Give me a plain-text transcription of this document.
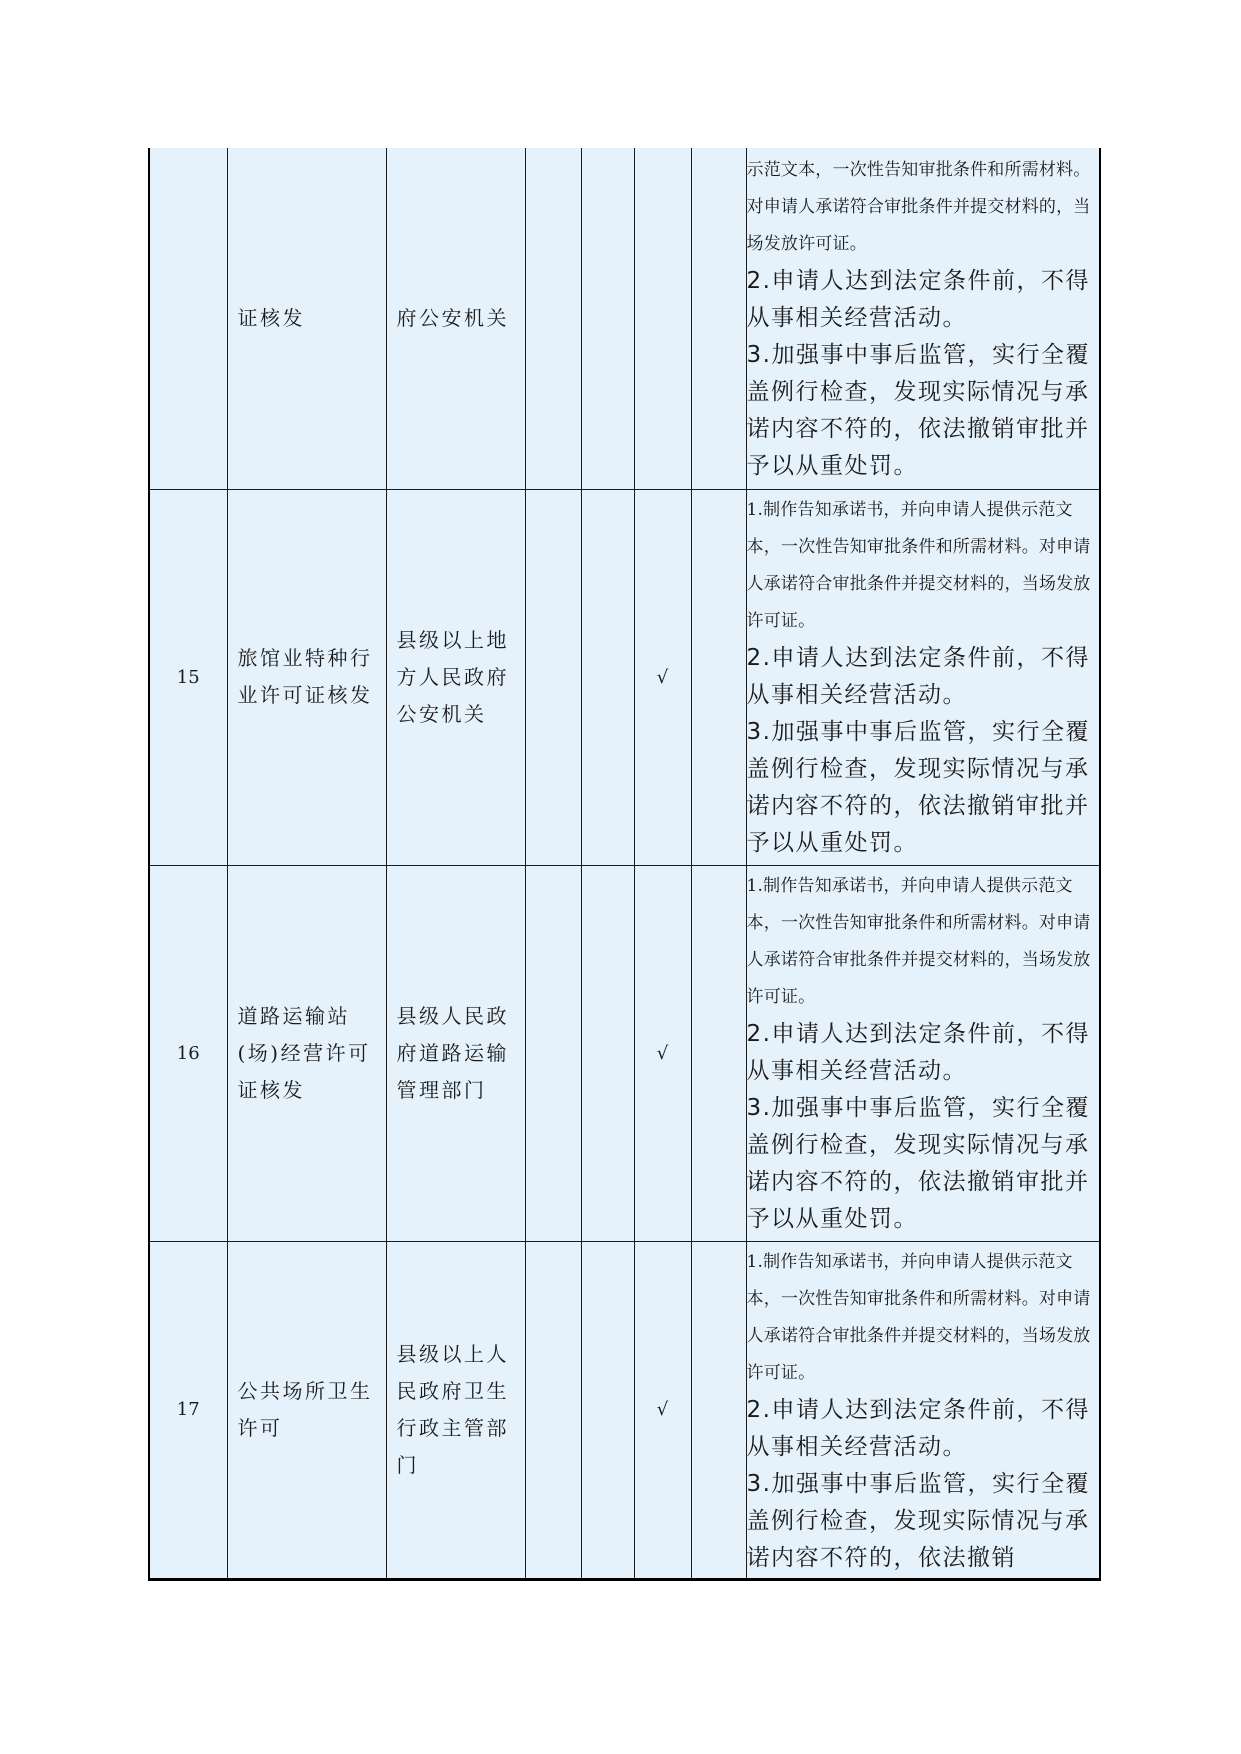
	证核发	府公安机关					示范文本，一次性告知审批条件和所需材料。对申请人承诺符合审批条件并提交材料的，当场发放许可证。
2.申请人达到法定条件前，不得从事相关经营活动。
3.加强事中事后监管，实行全覆盖例行检查，发现实际情况与承诺内容不符的，依法撤销审批并予以从重处罚。

15	旅馆业特种行业许可证核发	县级以上地方人民政府公安机关			√		1.制作告知承诺书，并向申请人提供示范文本，一次性告知审批条件和所需材料。对申请人承诺符合审批条件并提交材料的，当场发放许可证。
2.申请人达到法定条件前，不得从事相关经营活动。
3.加强事中事后监管，实行全覆盖例行检查，发现实际情况与承诺内容不符的，依法撤销审批并予以从重处罚。

16	道路运输站(场)经营许可证核发	县级人民政府道路运输管理部门			√		1.制作告知承诺书，并向申请人提供示范文本，一次性告知审批条件和所需材料。对申请人承诺符合审批条件并提交材料的，当场发放许可证。
2.申请人达到法定条件前，不得从事相关经营活动。
3.加强事中事后监管，实行全覆盖例行检查，发现实际情况与承诺内容不符的，依法撤销审批并予以从重处罚。

17	公共场所卫生许可	县级以上人民政府卫生行政主管部门			√		1.制作告知承诺书，并向申请人提供示范文本，一次性告知审批条件和所需材料。对申请人承诺符合审批条件并提交材料的，当场发放许可证。
2.申请人达到法定条件前，不得从事相关经营活动。
3.加强事中事后监管，实行全覆盖例行检查，发现实际情况与承诺内容不符的，依法撤销
